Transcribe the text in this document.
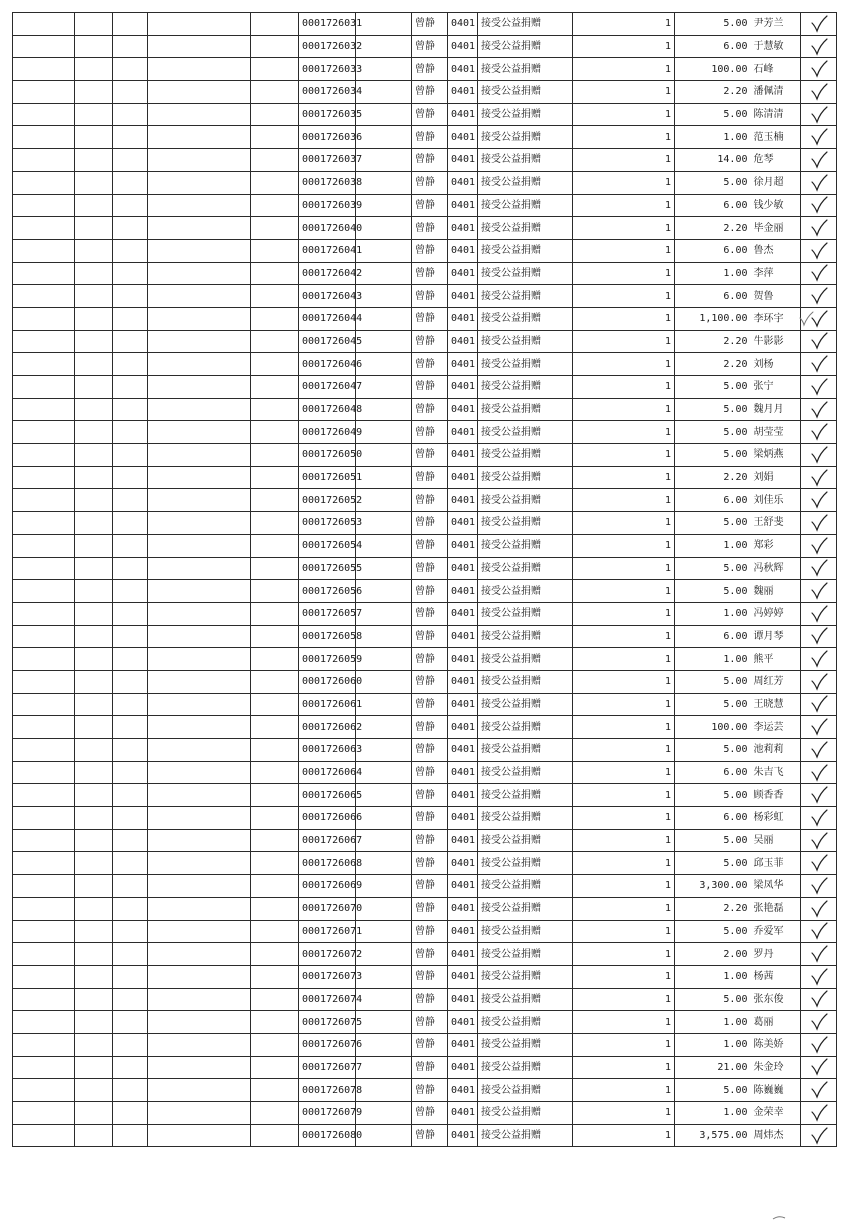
					0001726031		曾静	0401	接受公益捐赠	1	5.00	尹芳兰	

					0001726032		曾静	0401	接受公益捐赠	1	6.00	于慧敏	

					0001726033		曾静	0401	接受公益捐赠	1	100.00	石峰	

					0001726034		曾静	0401	接受公益捐赠	1	2.20	潘佩清	

					0001726035		曾静	0401	接受公益捐赠	1	5.00	陈清清	

					0001726036		曾静	0401	接受公益捐赠	1	1.00	范玉楠	

					0001726037		曾静	0401	接受公益捐赠	1	14.00	危琴	

					0001726038		曾静	0401	接受公益捐赠	1	5.00	徐月超	

					0001726039		曾静	0401	接受公益捐赠	1	6.00	钱少敏	

					0001726040		曾静	0401	接受公益捐赠	1	2.20	毕金丽	

					0001726041		曾静	0401	接受公益捐赠	1	6.00	鲁杰	

					0001726042		曾静	0401	接受公益捐赠	1	1.00	李萍	

					0001726043		曾静	0401	接受公益捐赠	1	6.00	贺鲁	

					0001726044		曾静	0401	接受公益捐赠	1	1,100.00	李环宇

					0001726045		曾静	0401	接受公益捐赠	1	2.20	牛影影	

					0001726046		曾静	0401	接受公益捐赠	1	2.20	刘杨	

					0001726047		曾静	0401	接受公益捐赠	1	5.00	张宁	

					0001726048		曾静	0401	接受公益捐赠	1	5.00	魏月月	

					0001726049		曾静	0401	接受公益捐赠	1	5.00	胡莹莹	

					0001726050		曾静	0401	接受公益捐赠	1	5.00	梁炳燕	

					0001726051		曾静	0401	接受公益捐赠	1	2.20	刘娟	

					0001726052		曾静	0401	接受公益捐赠	1	6.00	刘佳乐	

					0001726053		曾静	0401	接受公益捐赠	1	5.00	王舒斐	

					0001726054		曾静	0401	接受公益捐赠	1	1.00	郑彩	

					0001726055		曾静	0401	接受公益捐赠	1	5.00	冯秋辉	

					0001726056		曾静	0401	接受公益捐赠	1	5.00	魏丽	

					0001726057		曾静	0401	接受公益捐赠	1	1.00	冯婷婷	

					0001726058		曾静	0401	接受公益捐赠	1	6.00	谭月琴	

					0001726059		曾静	0401	接受公益捐赠	1	1.00	熊平	

					0001726060		曾静	0401	接受公益捐赠	1	5.00	周红芳	

					0001726061		曾静	0401	接受公益捐赠	1	5.00	王晓慧	

					0001726062		曾静	0401	接受公益捐赠	1	100.00	李运芸	

					0001726063		曾静	0401	接受公益捐赠	1	5.00	池莉莉	

					0001726064		曾静	0401	接受公益捐赠	1	6.00	朱吉飞	

					0001726065		曾静	0401	接受公益捐赠	1	5.00	顾香香	

					0001726066		曾静	0401	接受公益捐赠	1	6.00	杨彩虹	

					0001726067		曾静	0401	接受公益捐赠	1	5.00	吴丽	

					0001726068		曾静	0401	接受公益捐赠	1	5.00	邱玉菲	

					0001726069		曾静	0401	接受公益捐赠	1	3,300.00	梁凤华	

					0001726070		曾静	0401	接受公益捐赠	1	2.20	张艳磊	

					0001726071		曾静	0401	接受公益捐赠	1	5.00	乔爱军	

					0001726072		曾静	0401	接受公益捐赠	1	2.00	罗丹	

					0001726073		曾静	0401	接受公益捐赠	1	1.00	杨茜	

					0001726074		曾静	0401	接受公益捐赠	1	5.00	张东俊	

					0001726075		曾静	0401	接受公益捐赠	1	1.00	葛丽	

					0001726076		曾静	0401	接受公益捐赠	1	1.00	陈美娇	

					0001726077		曾静	0401	接受公益捐赠	1	21.00	朱金玲	

					0001726078		曾静	0401	接受公益捐赠	1	5.00	陈巍巍	

					0001726079		曾静	0401	接受公益捐赠	1	1.00	金荣幸	

					0001726080		曾静	0401	接受公益捐赠	1	3,575.00	周炜杰	
